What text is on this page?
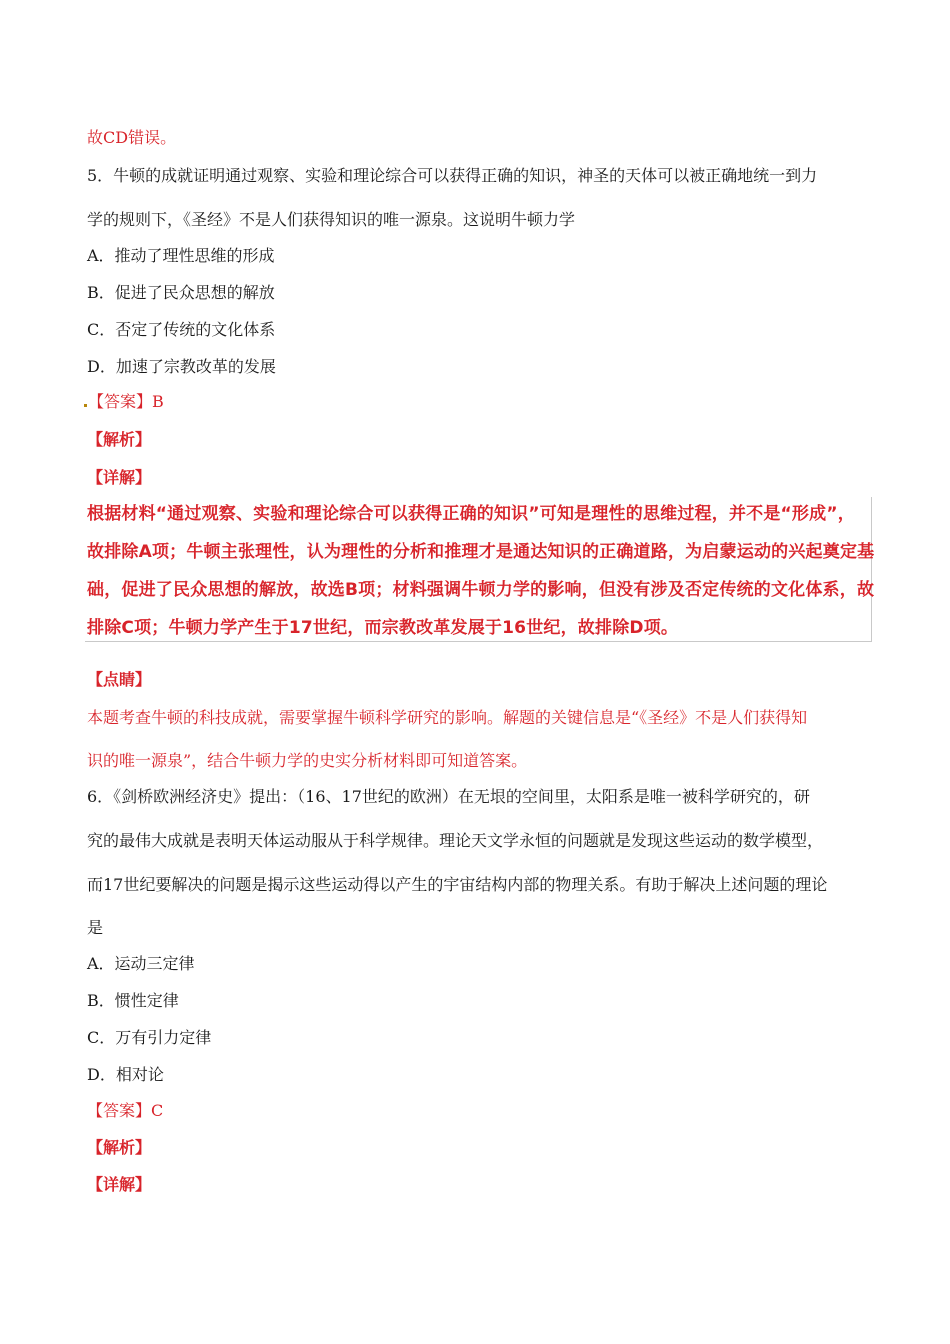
故CD错误。
5．牛顿的成就证明通过观察、实验和理论综合可以获得正确的知识，神圣的天体可以被正确地统一到力
学的规则下，《圣经》不是人们获得知识的唯一源泉。这说明牛顿力学
A．推动了理性思维的形成
B．促进了民众思想的解放
C．否定了传统的文化体系
D．加速了宗教改革的发展
【答案】B
【解析】
【详解】
根据材料“通过观察、实验和理论综合可以获得正确的知识”可知是理性的思维过程，并不是“形成”，
故排除A项；牛顿主张理性，认为理性的分析和推理才是通达知识的正确道路，为启蒙运动的兴起奠定基
础，促进了民众思想的解放，故选B项；材料强调牛顿力学的影响，但没有涉及否定传统的文化体系，故
排除C项；牛顿力学产生于17世纪，而宗教改革发展于16世纪，故排除D项。
【点睛】
本题考查牛顿的科技成就，需要掌握牛顿科学研究的影响。解题的关键信息是“《圣经》不是人们获得知
识的唯一源泉”，结合牛顿力学的史实分析材料即可知道答案。
6．《剑桥欧洲经济史》提出：（16、17世纪的欧洲）在无垠的空间里，太阳系是唯一被科学研究的，研
究的最伟大成就是表明天体运动服从于科学规律。理论天文学永恒的问题就是发现这些运动的数学模型，
而17世纪要解决的问题是揭示这些运动得以产生的宇宙结构内部的物理关系。有助于解决上述问题的理论
是
A．运动三定律
B．惯性定律
C．万有引力定律
D．相对论
【答案】C
【解析】
【详解】
